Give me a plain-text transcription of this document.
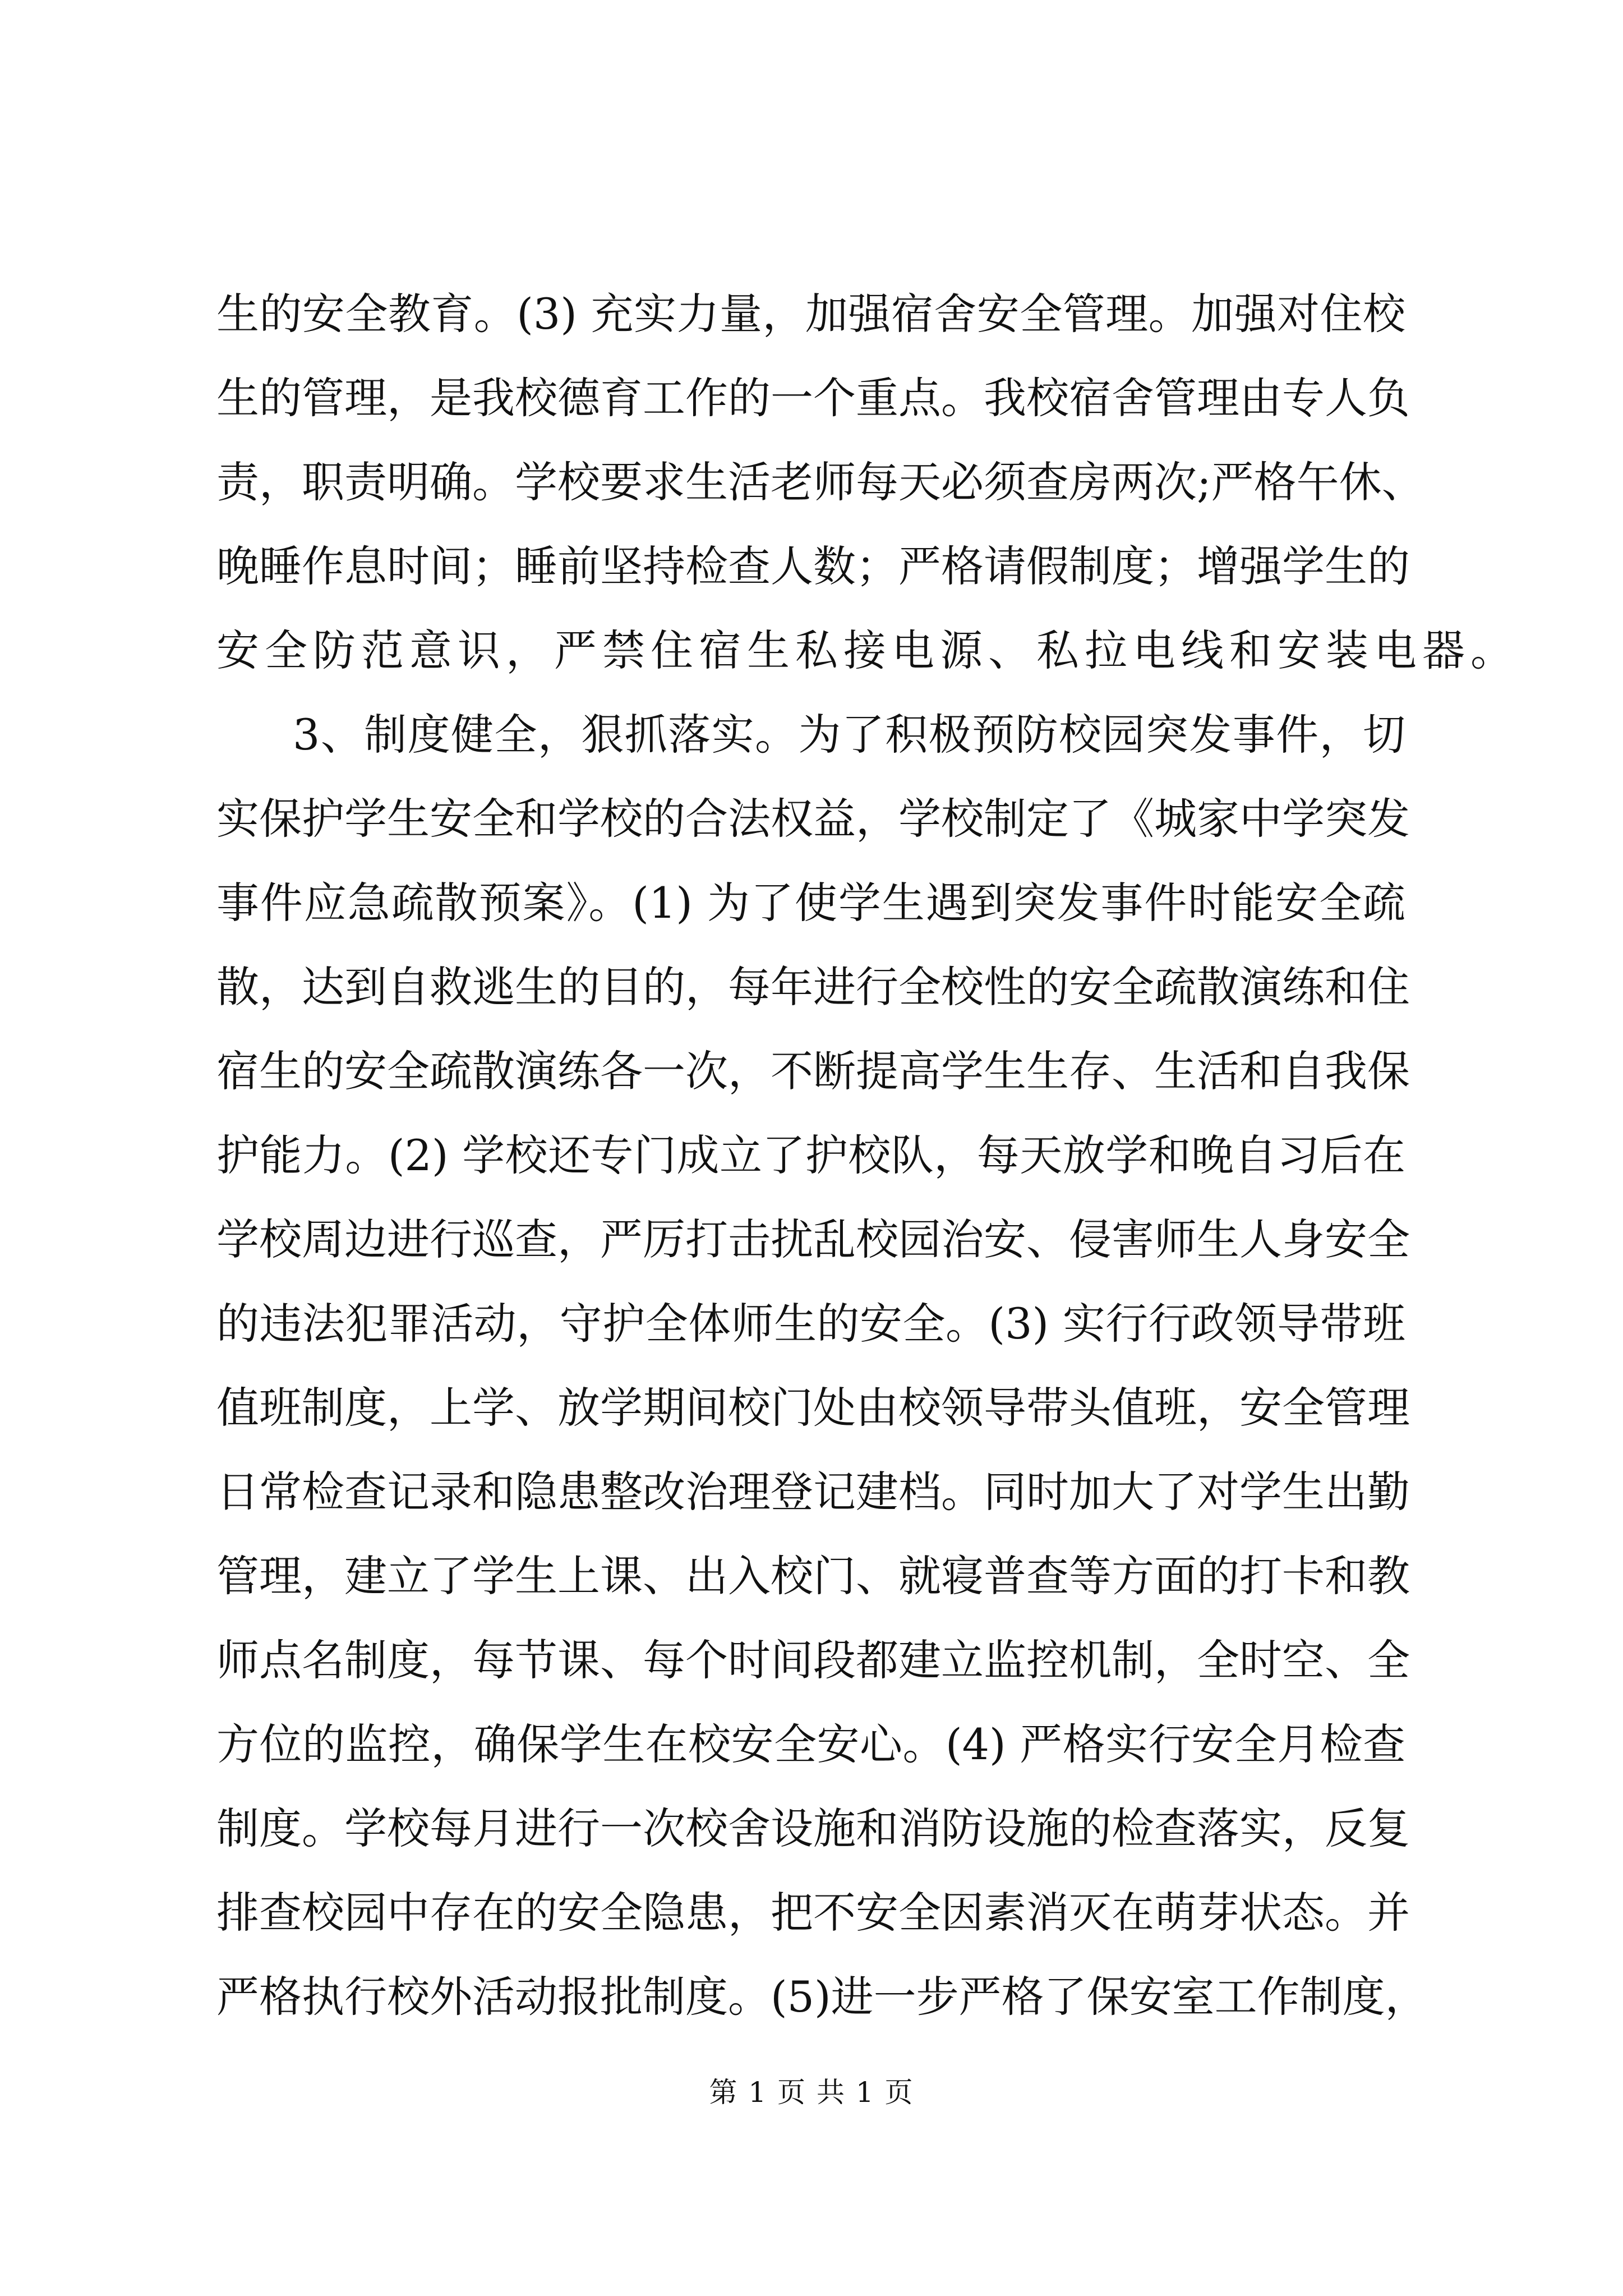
生的安全教育。(3) 充实力量，加强宿舍安全管理。加强对住校
生的管理，是我校德育工作的一个重点。我校宿舍管理由专人负
责，职责明确。学校要求生活老师每天必须查房两次;严格午休、
晚睡作息时间；睡前坚持检查人数；严格请假制度；增强学生的
安全防范意识，严禁住宿生私接电源、私拉电线和安装电器。
3、制度健全，狠抓落实。为了积极预防校园突发事件，切
实保护学生安全和学校的合法权益，学校制定了《城家中学突发
事件应急疏散预案》。(1) 为了使学生遇到突发事件时能安全疏
散，达到自救逃生的目的，每年进行全校性的安全疏散演练和住
宿生的安全疏散演练各一次，不断提高学生生存、生活和自我保
护能力。(2) 学校还专门成立了护校队，每天放学和晚自习后在
学校周边进行巡查，严厉打击扰乱校园治安、侵害师生人身安全
的违法犯罪活动，守护全体师生的安全。(3) 实行行政领导带班
值班制度，上学、放学期间校门处由校领导带头值班，安全管理
日常检查记录和隐患整改治理登记建档。同时加大了对学生出勤
管理，建立了学生上课、出入校门、就寝普查等方面的打卡和教
师点名制度，每节课、每个时间段都建立监控机制，全时空、全
方位的监控，确保学生在校安全安心。(4) 严格实行安全月检查
制度。学校每月进行一次校舍设施和消防设施的检查落实，反复
排查校园中存在的安全隐患，把不安全因素消灭在萌芽状态。并
严格执行校外活动报批制度。(5)进一步严格了保安室工作制度，
第 1 页 共 1 页
